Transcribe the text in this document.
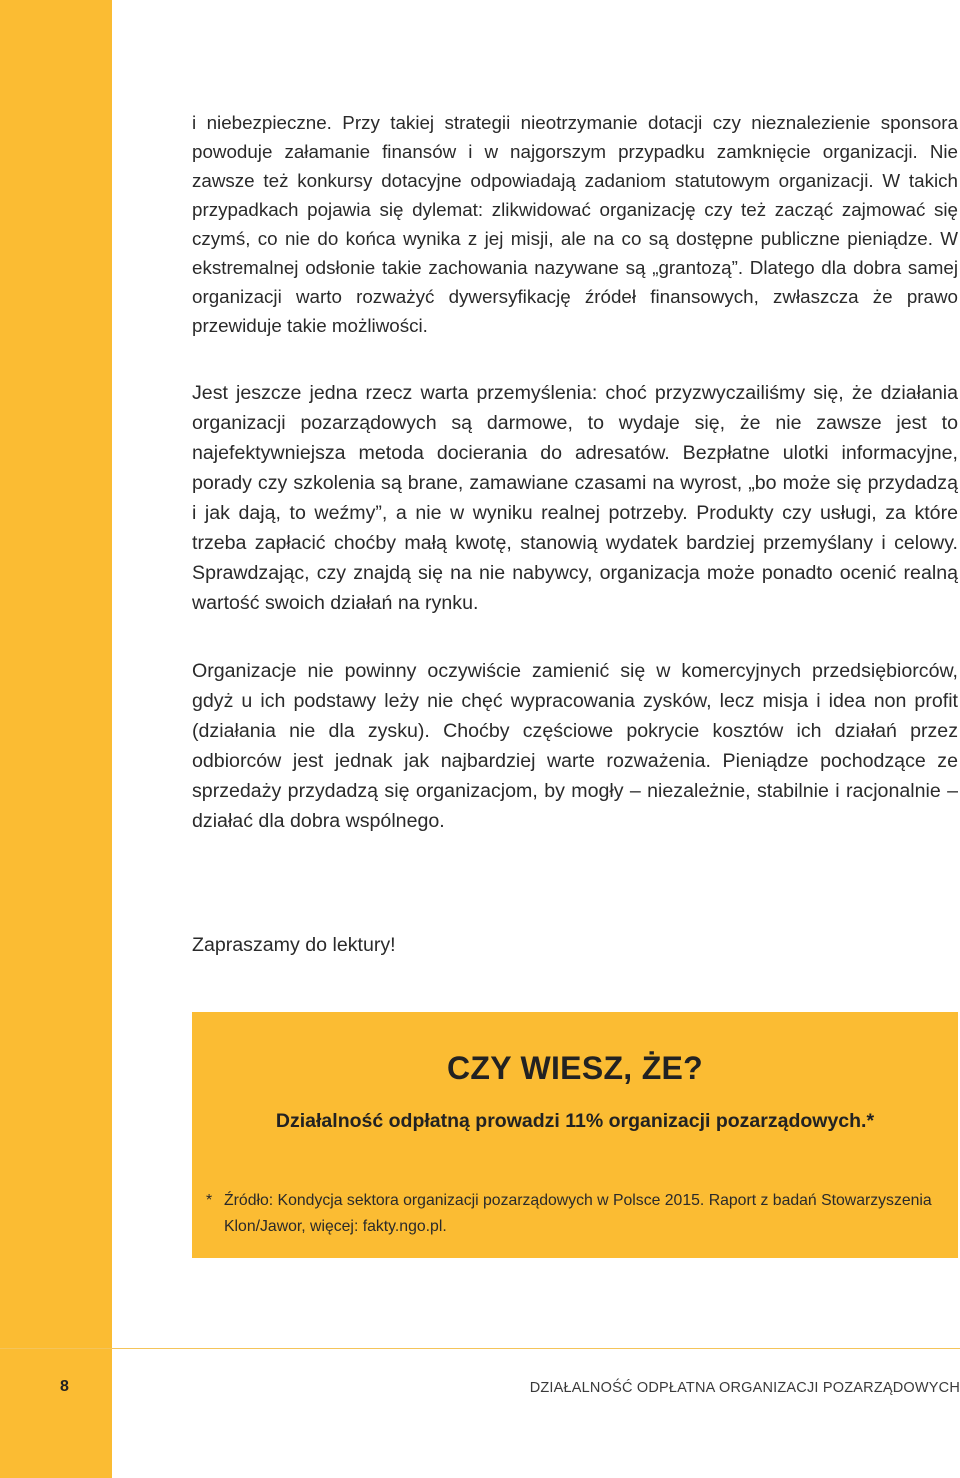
i niebezpieczne. Przy takiej strategii nieotrzymanie dotacji czy nieznalezienie sponsora powoduje załamanie finansów i w najgorszym przypadku zamknięcie organizacji. Nie zawsze też konkursy dotacyjne odpowiadają zadaniom statutowym organizacji. W takich przypadkach pojawia się dylemat: zlikwidować organizację czy też zacząć zajmować się czymś, co nie do końca wynika z jej misji, ale na co są dostępne publiczne pieniądze. W ekstremalnej odsłonie takie zachowania nazywane są „grantozą”. Dlatego dla dobra samej organizacji warto rozważyć dywersyfikację źródeł finansowych, zwłaszcza że prawo przewiduje takie możliwości.

Jest jeszcze jedna rzecz warta przemyślenia: choć przyzwyczailiśmy się, że działania organizacji pozarządowych są darmowe, to wydaje się, że nie zawsze jest to najefektywniejsza metoda docierania do adresatów. Bezpłatne ulotki informacyjne, porady czy szkolenia są brane, zamawiane czasami na wyrost, „bo może się przydadzą i jak dają, to weźmy”, a nie w wyniku realnej potrzeby. Produkty czy usługi, za które trzeba zapłacić choćby małą kwotę, stanowią wydatek bardziej przemyślany i celowy. Sprawdzając, czy znajdą się na nie nabywcy, organizacja może ponadto ocenić realną wartość swoich działań na rynku.

Organizacje nie powinny oczywiście zamienić się w komercyjnych przedsiębiorców, gdyż u ich podstawy leży nie chęć wypracowania zysków, lecz misja i idea non profit (działania nie dla zysku). Choćby częściowe pokrycie kosztów ich działań przez odbiorców jest jednak jak najbardziej warte rozważenia. Pieniądze pochodzące ze sprzedaży przydadzą się organizacjom, by mogły – niezależnie, stabilnie i racjonalnie – działać dla dobra wspólnego.

Zapraszamy do lektury!

CZY WIESZ, ŻE?
Działalność odpłatną prowadzi 11% organizacji pozarządowych.*
* Źródło: Kondycja sektora organizacji pozarządowych w Polsce 2015. Raport z badań Stowarzyszenia Klon/Jawor, więcej: fakty.ngo.pl.
8	DZIAŁALNOŚĆ ODPŁATNA ORGANIZACJI POZARZĄDOWYCH
